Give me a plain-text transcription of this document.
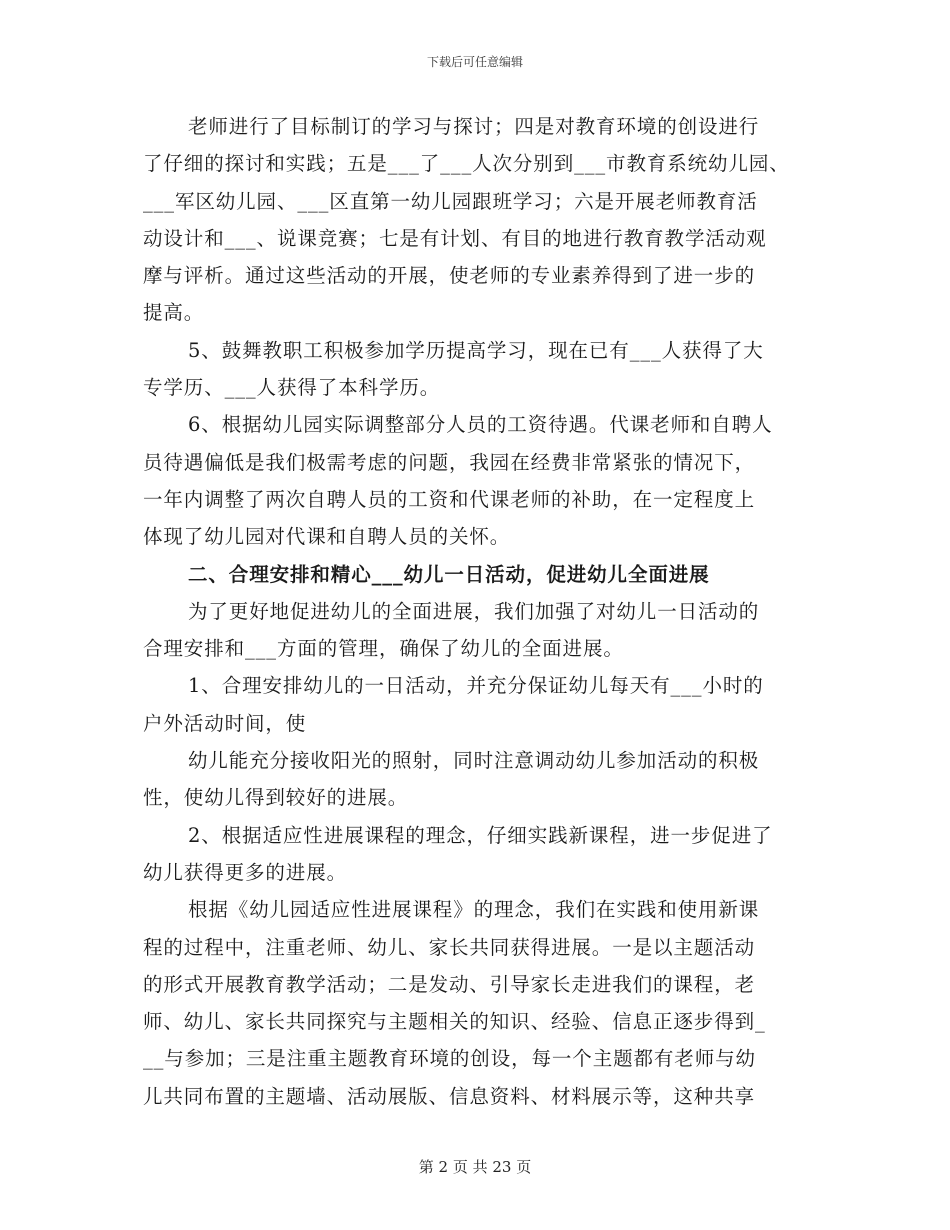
下载后可任意编辑
老师进行了目标制订的学习与探讨；四是对教育环境的创设进行
了仔细的探讨和实践；五是___了___人次分别到___市教育系统幼儿园、
___军区幼儿园、___区直第一幼儿园跟班学习；六是开展老师教育活
动设计和___、说课竞赛；七是有计划、有目的地进行教育教学活动观
摩与评析。通过这些活动的开展，使老师的专业素养得到了进一步的
提高。
5、鼓舞教职工积极参加学历提高学习，现在已有___人获得了大
专学历、___人获得了本科学历。
6、根据幼儿园实际调整部分人员的工资待遇。代课老师和自聘人
员待遇偏低是我们极需考虑的问题，我园在经费非常紧张的情况下，
一年内调整了两次自聘人员的工资和代课老师的补助，在一定程度上
体现了幼儿园对代课和自聘人员的关怀。
二、合理安排和精心___幼儿一日活动，促进幼儿全面进展
为了更好地促进幼儿的全面进展，我们加强了对幼儿一日活动的
合理安排和___方面的管理，确保了幼儿的全面进展。
1、合理安排幼儿的一日活动，并充分保证幼儿每天有___小时的
户外活动时间，使
幼儿能充分接收阳光的照射，同时注意调动幼儿参加活动的积极
性，使幼儿得到较好的进展。
2、根据适应性进展课程的理念，仔细实践新课程，进一步促进了
幼儿获得更多的进展。
根据《幼儿园适应性进展课程》的理念，我们在实践和使用新课
程的过程中，注重老师、幼儿、家长共同获得进展。一是以主题活动
的形式开展教育教学活动；二是发动、引导家长走进我们的课程，老
师、幼儿、家长共同探究与主题相关的知识、经验、信息正逐步得到_
__与参加；三是注重主题教育环境的创设，每一个主题都有老师与幼
儿共同布置的主题墙、活动展版、信息资料、材料展示等，这种共享
第 2 页 共 23 页
